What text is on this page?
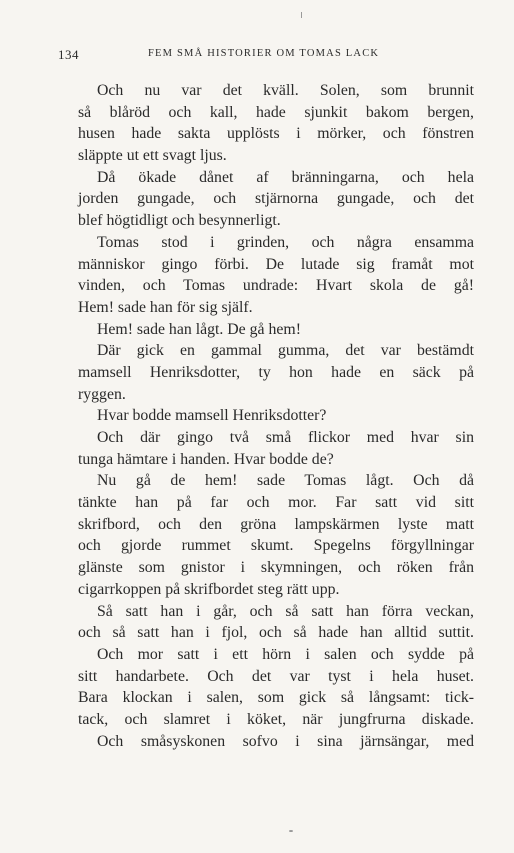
134	FEM SMÅ HISTORIER OM TOMAS LACK
Och nu var det kväll. Solen, som brunnit
så blåröd och kall, hade sjunkit bakom bergen,
husen hade sakta upplösts i mörker, och fönstren
släppte ut ett svagt ljus.
Då ökade dånet af bränningarna, och hela
jorden gungade, och stjärnorna gungade, och det
blef högtidligt och besynnerligt.
Tomas stod i grinden, och några ensamma
människor gingo förbi. De lutade sig framåt mot
vinden, och Tomas undrade: Hvart skola de gå!
Hem! sade han för sig själf.
Hem! sade han lågt. De gå hem!
Där gick en gammal gumma, det var bestämdt
mamsell Henriksdotter, ty hon hade en säck på
ryggen.
Hvar bodde mamsell Henriksdotter?
Och där gingo två små flickor med hvar sin
tunga hämtare i handen. Hvar bodde de?
Nu gå de hem! sade Tomas lågt. Och då
tänkte han på far och mor. Far satt vid sitt
skrifbord, och den gröna lampskärmen lyste matt
och gjorde rummet skumt. Spegelns förgyllningar
glänste som gnistor i skymningen, och röken från
cigarrkoppen på skrifbordet steg rätt upp.
Så satt han i går, och så satt han förra veckan,
och så satt han i fjol, och så hade han alltid suttit.
Och mor satt i ett hörn i salen och sydde på
sitt handarbete. Och det var tyst i hela huset.
Bara klockan i salen, som gick så långsamt: tick-
tack, och slamret i köket, när jungfrurna diskade.
Och småsyskonen sofvo i sina järnsängar, med
